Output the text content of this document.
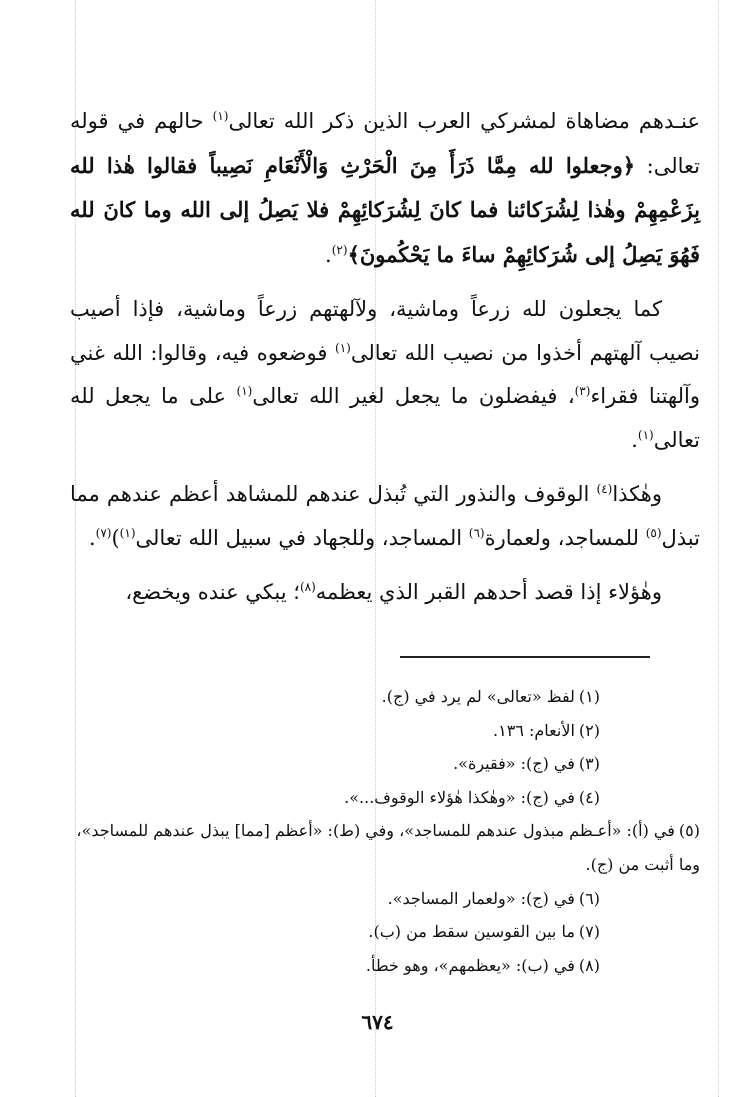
عنـدهم مضاهاة لمشركي العرب الذين ذكر الله تعالى$^{(١)}$ حالهم في قوله تعالى: ﴿وجعلوا لله مِمَّا ذَرَأَ مِنَ الْحَرْثِ وَالْأَنْعَامِ نَصِيباً فقالوا هٰذا لله بِزَعْمِهِمْ وهٰذا لِشُرَكائنا فما كانَ لِشُرَكائِهِمْ فلا يَصِلُ إلى الله وما كانَ لله فَهُوَ يَصِلُ إلى شُرَكائِهِمْ ساءَ ما يَحْكُمونَ﴾$^{(٢)}$.

كما يجعلون لله زرعاً وماشية، ولآلهتهم زرعاً وماشية، فإذا أصيب نصيب آلهتهم أخذوا من نصيب الله تعالى$^{(١)}$ فوضعوه فيه، وقالوا: الله غني وآلهتنا فقراء$^{(٣)}$، فيفضلون ما يجعل لغير الله تعالى$^{(١)}$ على ما يجعل لله تعالى$^{(١)}$.

وهٰكذا$^{(٤)}$ الوقوف والنذور التي تُبذل عندهم للمشاهد أعظم عندهم مما تبذل$^{(٥)}$ للمساجد، ولعمارة$^{(٦)}$ المساجد، وللجهاد في سبيل الله تعالى$^{(١)}$)$^{(٧)}$.

وهٰؤلاء إذا قصد أحدهم القبر الذي يعظمه$^{(٨)}$؛ يبكي عنده ويخضع،

(١)لفظ «تعالى» لم يرد في (ج).

(٢)الأنعام: ١٣٦.

(٣)في (ج): «فقيرة».

(٤)في (ج): «وهٰكذا هٰؤلاء الوقوف...».

(٥)في (أ): «أعـظم مبذول عندهم للمساجد»، وفي (ط): «أعظم [مما] يبذل عندهم للمساجد»، وما أثبت من (ج).

(٦)في (ج): «ولعمار المساجد».

(٧)ما بين القوسين سقط من (ب).

(٨)في (ب): «يعظمهم»، وهو خطأ.

٦٧٤
